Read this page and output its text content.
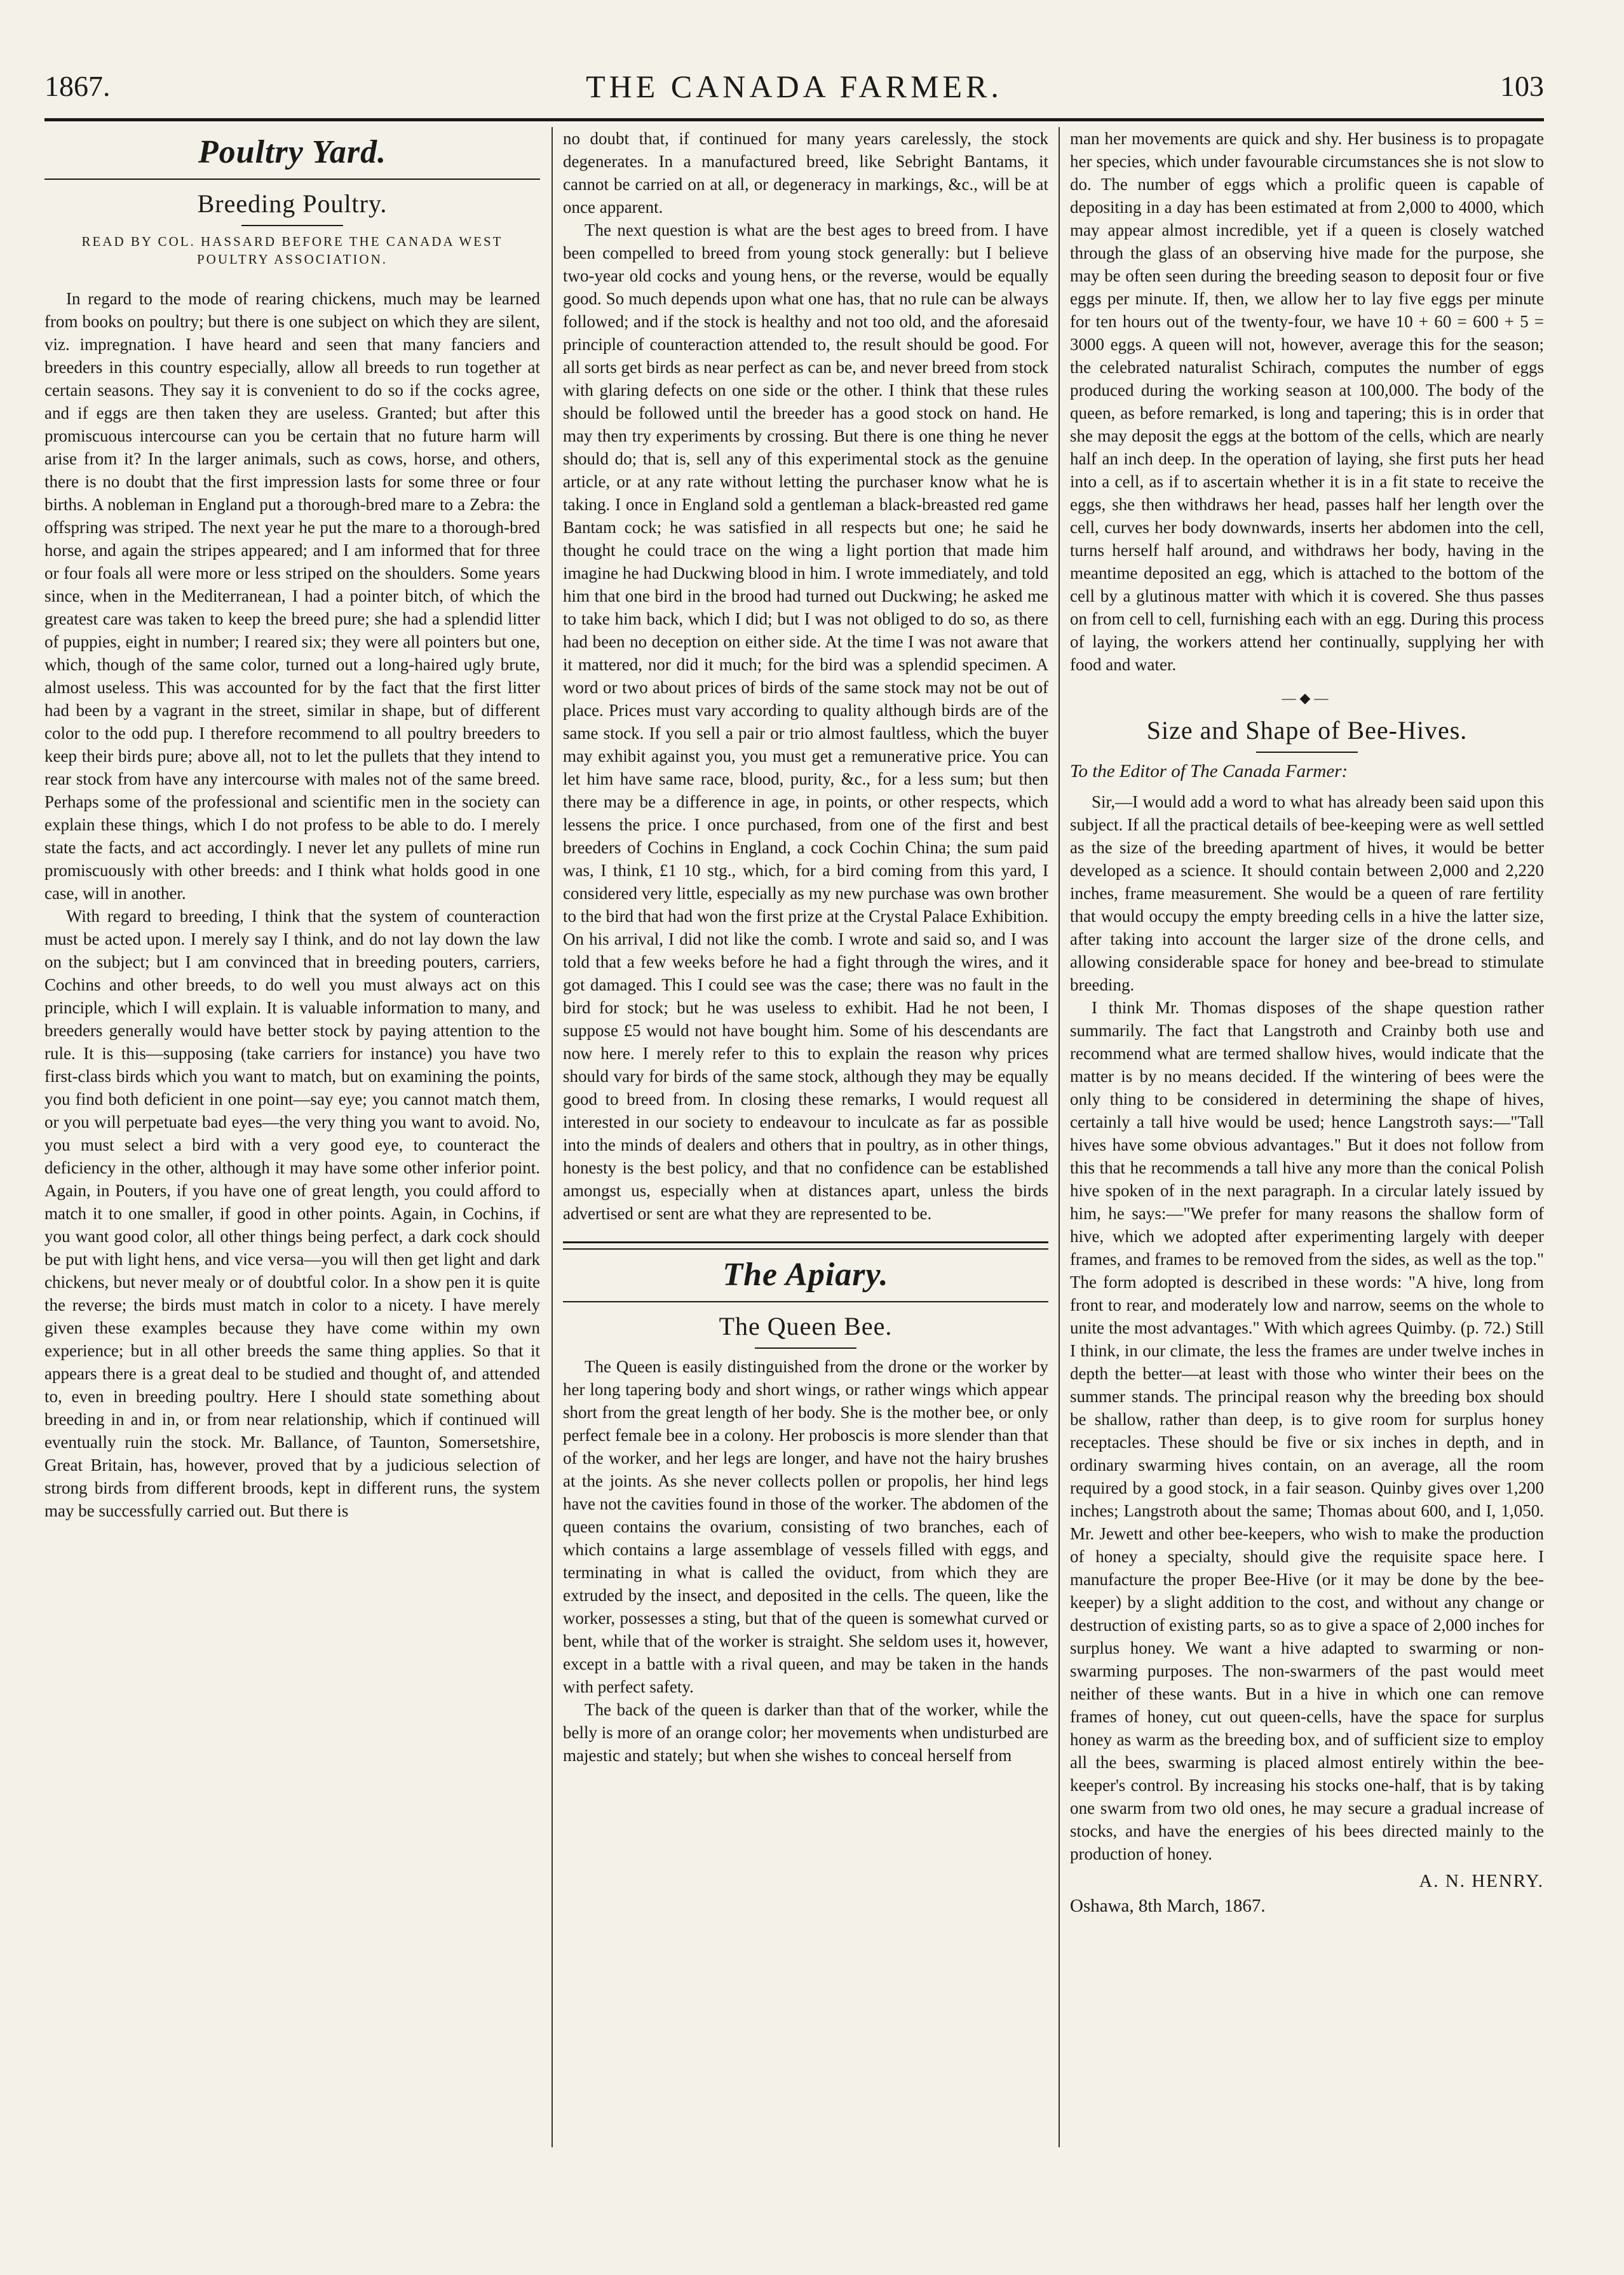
1867.	THE CANADA FARMER.	103
Poultry Yard.
Breeding Poultry.
READ BY COL. HASSARD BEFORE THE CANADA WEST POULTRY ASSOCIATION.

In regard to the mode of rearing chickens, much may be learned from books on poultry; but there is one subject on which they are silent, viz. impregnation. I have heard and seen that many fanciers and breeders in this country especially, allow all breeds to run together at certain seasons. They say it is convenient to do so if the cocks agree, and if eggs are then taken they are useless. Granted; but after this promiscuous intercourse can you be certain that no future harm will arise from it? In the larger animals, such as cows, horse, and others, there is no doubt that the first impression lasts for some three or four births. A nobleman in England put a thorough-bred mare to a Zebra: the offspring was striped. The next year he put the mare to a thorough-bred horse, and again the stripes appeared; and I am informed that for three or four foals all were more or less striped on the shoulders. Some years since, when in the Mediterranean, I had a pointer bitch, of which the greatest care was taken to keep the breed pure; she had a splendid litter of puppies, eight in number; I reared six; they were all pointers but one, which, though of the same color, turned out a long-haired ugly brute, almost useless. This was accounted for by the fact that the first litter had been by a vagrant in the street, similar in shape, but of different color to the odd pup. I therefore recommend to all poultry breeders to keep their birds pure; above all, not to let the pullets that they intend to rear stock from have any intercourse with males not of the same breed. Perhaps some of the professional and scientific men in the society can explain these things, which I do not profess to be able to do. I merely state the facts, and act accordingly. I never let any pullets of mine run promiscuously with other breeds: and I think what holds good in one case, will in another.

With regard to breeding, I think that the system of counteraction must be acted upon. I merely say I think, and do not lay down the law on the subject; but I am convinced that in breeding pouters, carriers, Cochins and other breeds, to do well you must always act on this principle, which I will explain. It is valuable information to many, and breeders generally would have better stock by paying attention to the rule. It is this—supposing (take carriers for instance) you have two first-class birds which you want to match, but on examining the points, you find both deficient in one point—say eye; you cannot match them, or you will perpetuate bad eyes—the very thing you want to avoid. No, you must select a bird with a very good eye, to counteract the deficiency in the other, although it may have some other inferior point. Again, in Pouters, if you have one of great length, you could afford to match it to one smaller, if good in other points. Again, in Cochins, if you want good color, all other things being perfect, a dark cock should be put with light hens, and vice versa—you will then get light and dark chickens, but never mealy or of doubtful color. In a show pen it is quite the reverse; the birds must match in color to a nicety. I have merely given these examples because they have come within my own experience; but in all other breeds the same thing applies. So that it appears there is a great deal to be studied and thought of, and attended to, even in breeding poultry. Here I should state something about breeding in and in, or from near relationship, which if continued will eventually ruin the stock. Mr. Ballance, of Taunton, Somersetshire, Great Britain, has, however, proved that by a judicious selection of strong birds from different broods, kept in different runs, the system may be successfully carried out. But there is

no doubt that, if continued for many years carelessly, the stock degenerates. In a manufactured breed, like Sebright Bantams, it cannot be carried on at all, or degeneracy in markings, &c., will be at once apparent.

The next question is what are the best ages to breed from. I have been compelled to breed from young stock generally: but I believe two-year old cocks and young hens, or the reverse, would be equally good. So much depends upon what one has, that no rule can be always followed; and if the stock is healthy and not too old, and the aforesaid principle of counteraction attended to, the result should be good. For all sorts get birds as near perfect as can be, and never breed from stock with glaring defects on one side or the other. I think that these rules should be followed until the breeder has a good stock on hand. He may then try experiments by crossing. But there is one thing he never should do; that is, sell any of this experimental stock as the genuine article, or at any rate without letting the purchaser know what he is taking. I once in England sold a gentleman a black-breasted red game Bantam cock; he was satisfied in all respects but one; he said he thought he could trace on the wing a light portion that made him imagine he had Duckwing blood in him. I wrote immediately, and told him that one bird in the brood had turned out Duckwing; he asked me to take him back, which I did; but I was not obliged to do so, as there had been no deception on either side. At the time I was not aware that it mattered, nor did it much; for the bird was a splendid specimen. A word or two about prices of birds of the same stock may not be out of place. Prices must vary according to quality although birds are of the same stock. If you sell a pair or trio almost faultless, which the buyer may exhibit against you, you must get a remunerative price. You can let him have same race, blood, purity, &c., for a less sum; but then there may be a difference in age, in points, or other respects, which lessens the price. I once purchased, from one of the first and best breeders of Cochins in England, a cock Cochin China; the sum paid was, I think, £1 10 stg., which, for a bird coming from this yard, I considered very little, especially as my new purchase was own brother to the bird that had won the first prize at the Crystal Palace Exhibition. On his arrival, I did not like the comb. I wrote and said so, and I was told that a few weeks before he had a fight through the wires, and it got damaged. This I could see was the case; there was no fault in the bird for stock; but he was useless to exhibit. Had he not been, I suppose £5 would not have bought him. Some of his descendants are now here. I merely refer to this to explain the reason why prices should vary for birds of the same stock, although they may be equally good to breed from. In closing these remarks, I would request all interested in our society to endeavour to inculcate as far as possible into the minds of dealers and others that in poultry, as in other things, honesty is the best policy, and that no confidence can be established amongst us, especially when at distances apart, unless the birds advertised or sent are what they are represented to be.

The Apiary.
The Queen Bee.

The Queen is easily distinguished from the drone or the worker by her long tapering body and short wings, or rather wings which appear short from the great length of her body. She is the mother bee, or only perfect female bee in a colony. Her proboscis is more slender than that of the worker, and her legs are longer, and have not the hairy brushes at the joints. As she never collects pollen or propolis, her hind legs have not the cavities found in those of the worker. The abdomen of the queen contains the ovarium, consisting of two branches, each of which contains a large assemblage of vessels filled with eggs, and terminating in what is called the oviduct, from which they are extruded by the insect, and deposited in the cells. The queen, like the worker, possesses a sting, but that of the queen is somewhat curved or bent, while that of the worker is straight. She seldom uses it, however, except in a battle with a rival queen, and may be taken in the hands with perfect safety.

The back of the queen is darker than that of the worker, while the belly is more of an orange color; her movements when undisturbed are majestic and stately; but when she wishes to conceal herself from

man her movements are quick and shy. Her business is to propagate her species, which under favourable circumstances she is not slow to do. The number of eggs which a prolific queen is capable of depositing in a day has been estimated at from 2,000 to 4000, which may appear almost incredible, yet if a queen is closely watched through the glass of an observing hive made for the purpose, she may be often seen during the breeding season to deposit four or five eggs per minute. If, then, we allow her to lay five eggs per minute for ten hours out of the twenty-four, we have 10 + 60 = 600 + 5 = 3000 eggs. A queen will not, however, average this for the season; the celebrated naturalist Schirach, computes the number of eggs produced during the working season at 100,000. The body of the queen, as before remarked, is long and tapering; this is in order that she may deposit the eggs at the bottom of the cells, which are nearly half an inch deep. In the operation of laying, she first puts her head into a cell, as if to ascertain whether it is in a fit state to receive the eggs, she then withdraws her head, passes half her length over the cell, curves her body downwards, inserts her abdomen into the cell, turns herself half around, and withdraws her body, having in the meantime deposited an egg, which is attached to the bottom of the cell by a glutinous matter with which it is covered. She thus passes on from cell to cell, furnishing each with an egg. During this process of laying, the workers attend her continually, supplying her with food and water.

—◆—
Size and Shape of Bee-Hives.

To the Editor of The Canada Farmer:

Sir,—I would add a word to what has already been said upon this subject. If all the practical details of bee-keeping were as well settled as the size of the breeding apartment of hives, it would be better developed as a science. It should contain between 2,000 and 2,220 inches, frame measurement. She would be a queen of rare fertility that would occupy the empty breeding cells in a hive the latter size, after taking into account the larger size of the drone cells, and allowing considerable space for honey and bee-bread to stimulate breeding.

I think Mr. Thomas disposes of the shape question rather summarily. The fact that Langstroth and Crainby both use and recommend what are termed shallow hives, would indicate that the matter is by no means decided. If the wintering of bees were the only thing to be considered in determining the shape of hives, certainly a tall hive would be used; hence Langstroth says:—"Tall hives have some obvious advantages." But it does not follow from this that he recommends a tall hive any more than the conical Polish hive spoken of in the next paragraph. In a circular lately issued by him, he says:—"We prefer for many reasons the shallow form of hive, which we adopted after experimenting largely with deeper frames, and frames to be removed from the sides, as well as the top." The form adopted is described in these words: "A hive, long from front to rear, and moderately low and narrow, seems on the whole to unite the most advantages." With which agrees Quimby. (p. 72.) Still I think, in our climate, the less the frames are under twelve inches in depth the better—at least with those who winter their bees on the summer stands. The principal reason why the breeding box should be shallow, rather than deep, is to give room for surplus honey receptacles. These should be five or six inches in depth, and in ordinary swarming hives contain, on an average, all the room required by a good stock, in a fair season. Quinby gives over 1,200 inches; Langstroth about the same; Thomas about 600, and I, 1,050. Mr. Jewett and other bee-keepers, who wish to make the production of honey a specialty, should give the requisite space here. I manufacture the proper Bee-Hive (or it may be done by the bee-keeper) by a slight addition to the cost, and without any change or destruction of existing parts, so as to give a space of 2,000 inches for surplus honey. We want a hive adapted to swarming or non-swarming purposes. The non-swarmers of the past would meet neither of these wants. But in a hive in which one can remove frames of honey, cut out queen-cells, have the space for surplus honey as warm as the breeding box, and of sufficient size to employ all the bees, swarming is placed almost entirely within the bee-keeper's control. By increasing his stocks one-half, that is by taking one swarm from two old ones, he may secure a gradual increase of stocks, and have the energies of his bees directed mainly to the production of honey.

A. N. HENRY.

Oshawa, 8th March, 1867.
